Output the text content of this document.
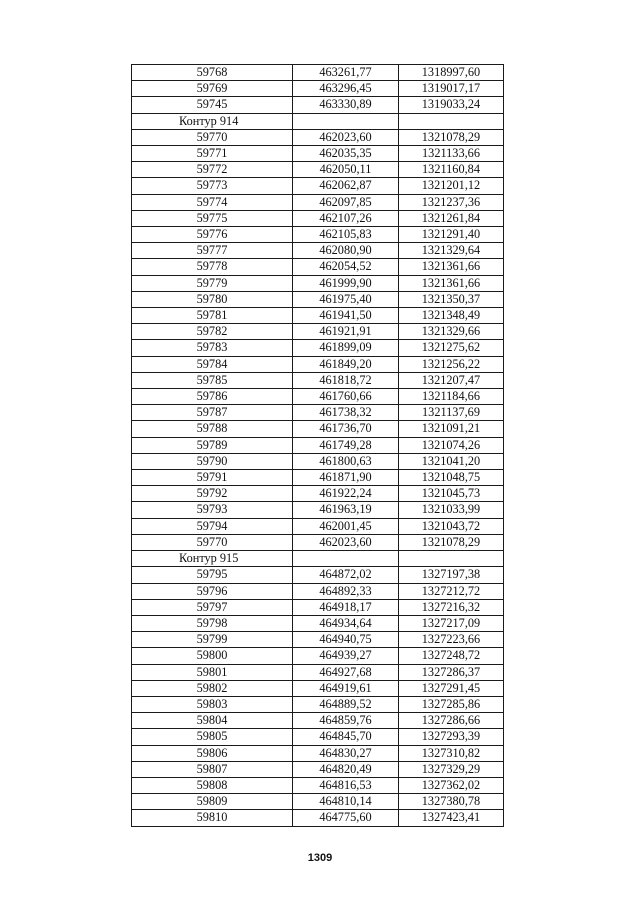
59768	463261,77	1318997,60
59769	463296,45	1319017,17
59745	463330,89	1319033,24
Контур 914		
59770	462023,60	1321078,29
59771	462035,35	1321133,66
59772	462050,11	1321160,84
59773	462062,87	1321201,12
59774	462097,85	1321237,36
59775	462107,26	1321261,84
59776	462105,83	1321291,40
59777	462080,90	1321329,64
59778	462054,52	1321361,66
59779	461999,90	1321361,66
59780	461975,40	1321350,37
59781	461941,50	1321348,49
59782	461921,91	1321329,66
59783	461899,09	1321275,62
59784	461849,20	1321256,22
59785	461818,72	1321207,47
59786	461760,66	1321184,66
59787	461738,32	1321137,69
59788	461736,70	1321091,21
59789	461749,28	1321074,26
59790	461800,63	1321041,20
59791	461871,90	1321048,75
59792	461922,24	1321045,73
59793	461963,19	1321033,99
59794	462001,45	1321043,72
59770	462023,60	1321078,29
Контур 915		
59795	464872,02	1327197,38
59796	464892,33	1327212,72
59797	464918,17	1327216,32
59798	464934,64	1327217,09
59799	464940,75	1327223,66
59800	464939,27	1327248,72
59801	464927,68	1327286,37
59802	464919,61	1327291,45
59803	464889,52	1327285,86
59804	464859,76	1327286,66
59805	464845,70	1327293,39
59806	464830,27	1327310,82
59807	464820,49	1327329,29
59808	464816,53	1327362,02
59809	464810,14	1327380,78
59810	464775,60	1327423,41
1309
